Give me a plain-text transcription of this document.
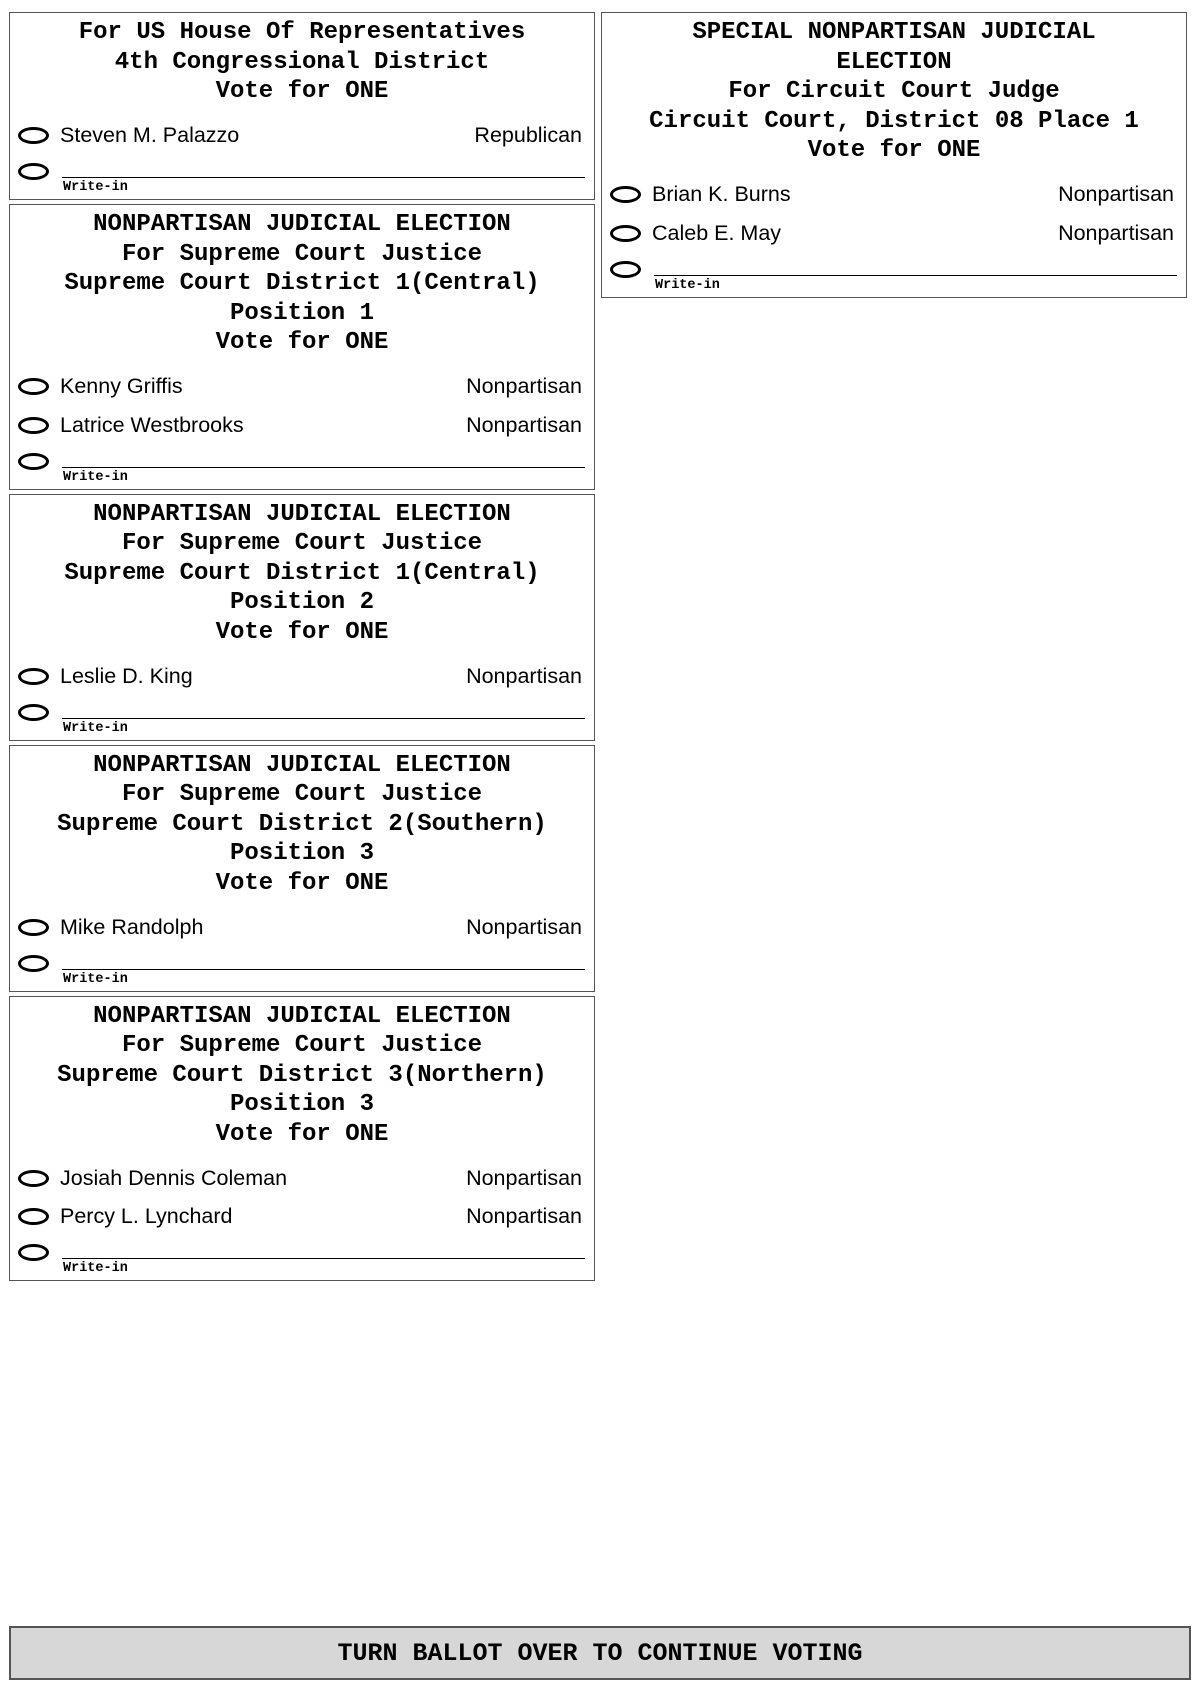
For US House Of Representatives
4th Congressional District
Vote for ONE
Steven M. Palazzo	Republican
Write-in
NONPARTISAN JUDICIAL ELECTION
For Supreme Court Justice
Supreme Court District 1(Central)
Position 1
Vote for ONE
Kenny Griffis	Nonpartisan
Latrice Westbrooks	Nonpartisan
Write-in
NONPARTISAN JUDICIAL ELECTION
For Supreme Court Justice
Supreme Court District 1(Central)
Position 2
Vote for ONE
Leslie D. King	Nonpartisan
Write-in
NONPARTISAN JUDICIAL ELECTION
For Supreme Court Justice
Supreme Court District 2(Southern)
Position 3
Vote for ONE
Mike Randolph	Nonpartisan
Write-in
NONPARTISAN JUDICIAL ELECTION
For Supreme Court Justice
Supreme Court District 3(Northern)
Position 3
Vote for ONE
Josiah Dennis Coleman	Nonpartisan
Percy L. Lynchard	Nonpartisan
Write-in
SPECIAL NONPARTISAN JUDICIAL
ELECTION
For Circuit Court Judge
Circuit Court, District 08 Place 1
Vote for ONE
Brian K. Burns	Nonpartisan
Caleb E. May	Nonpartisan
Write-in
TURN BALLOT OVER TO CONTINUE VOTING
